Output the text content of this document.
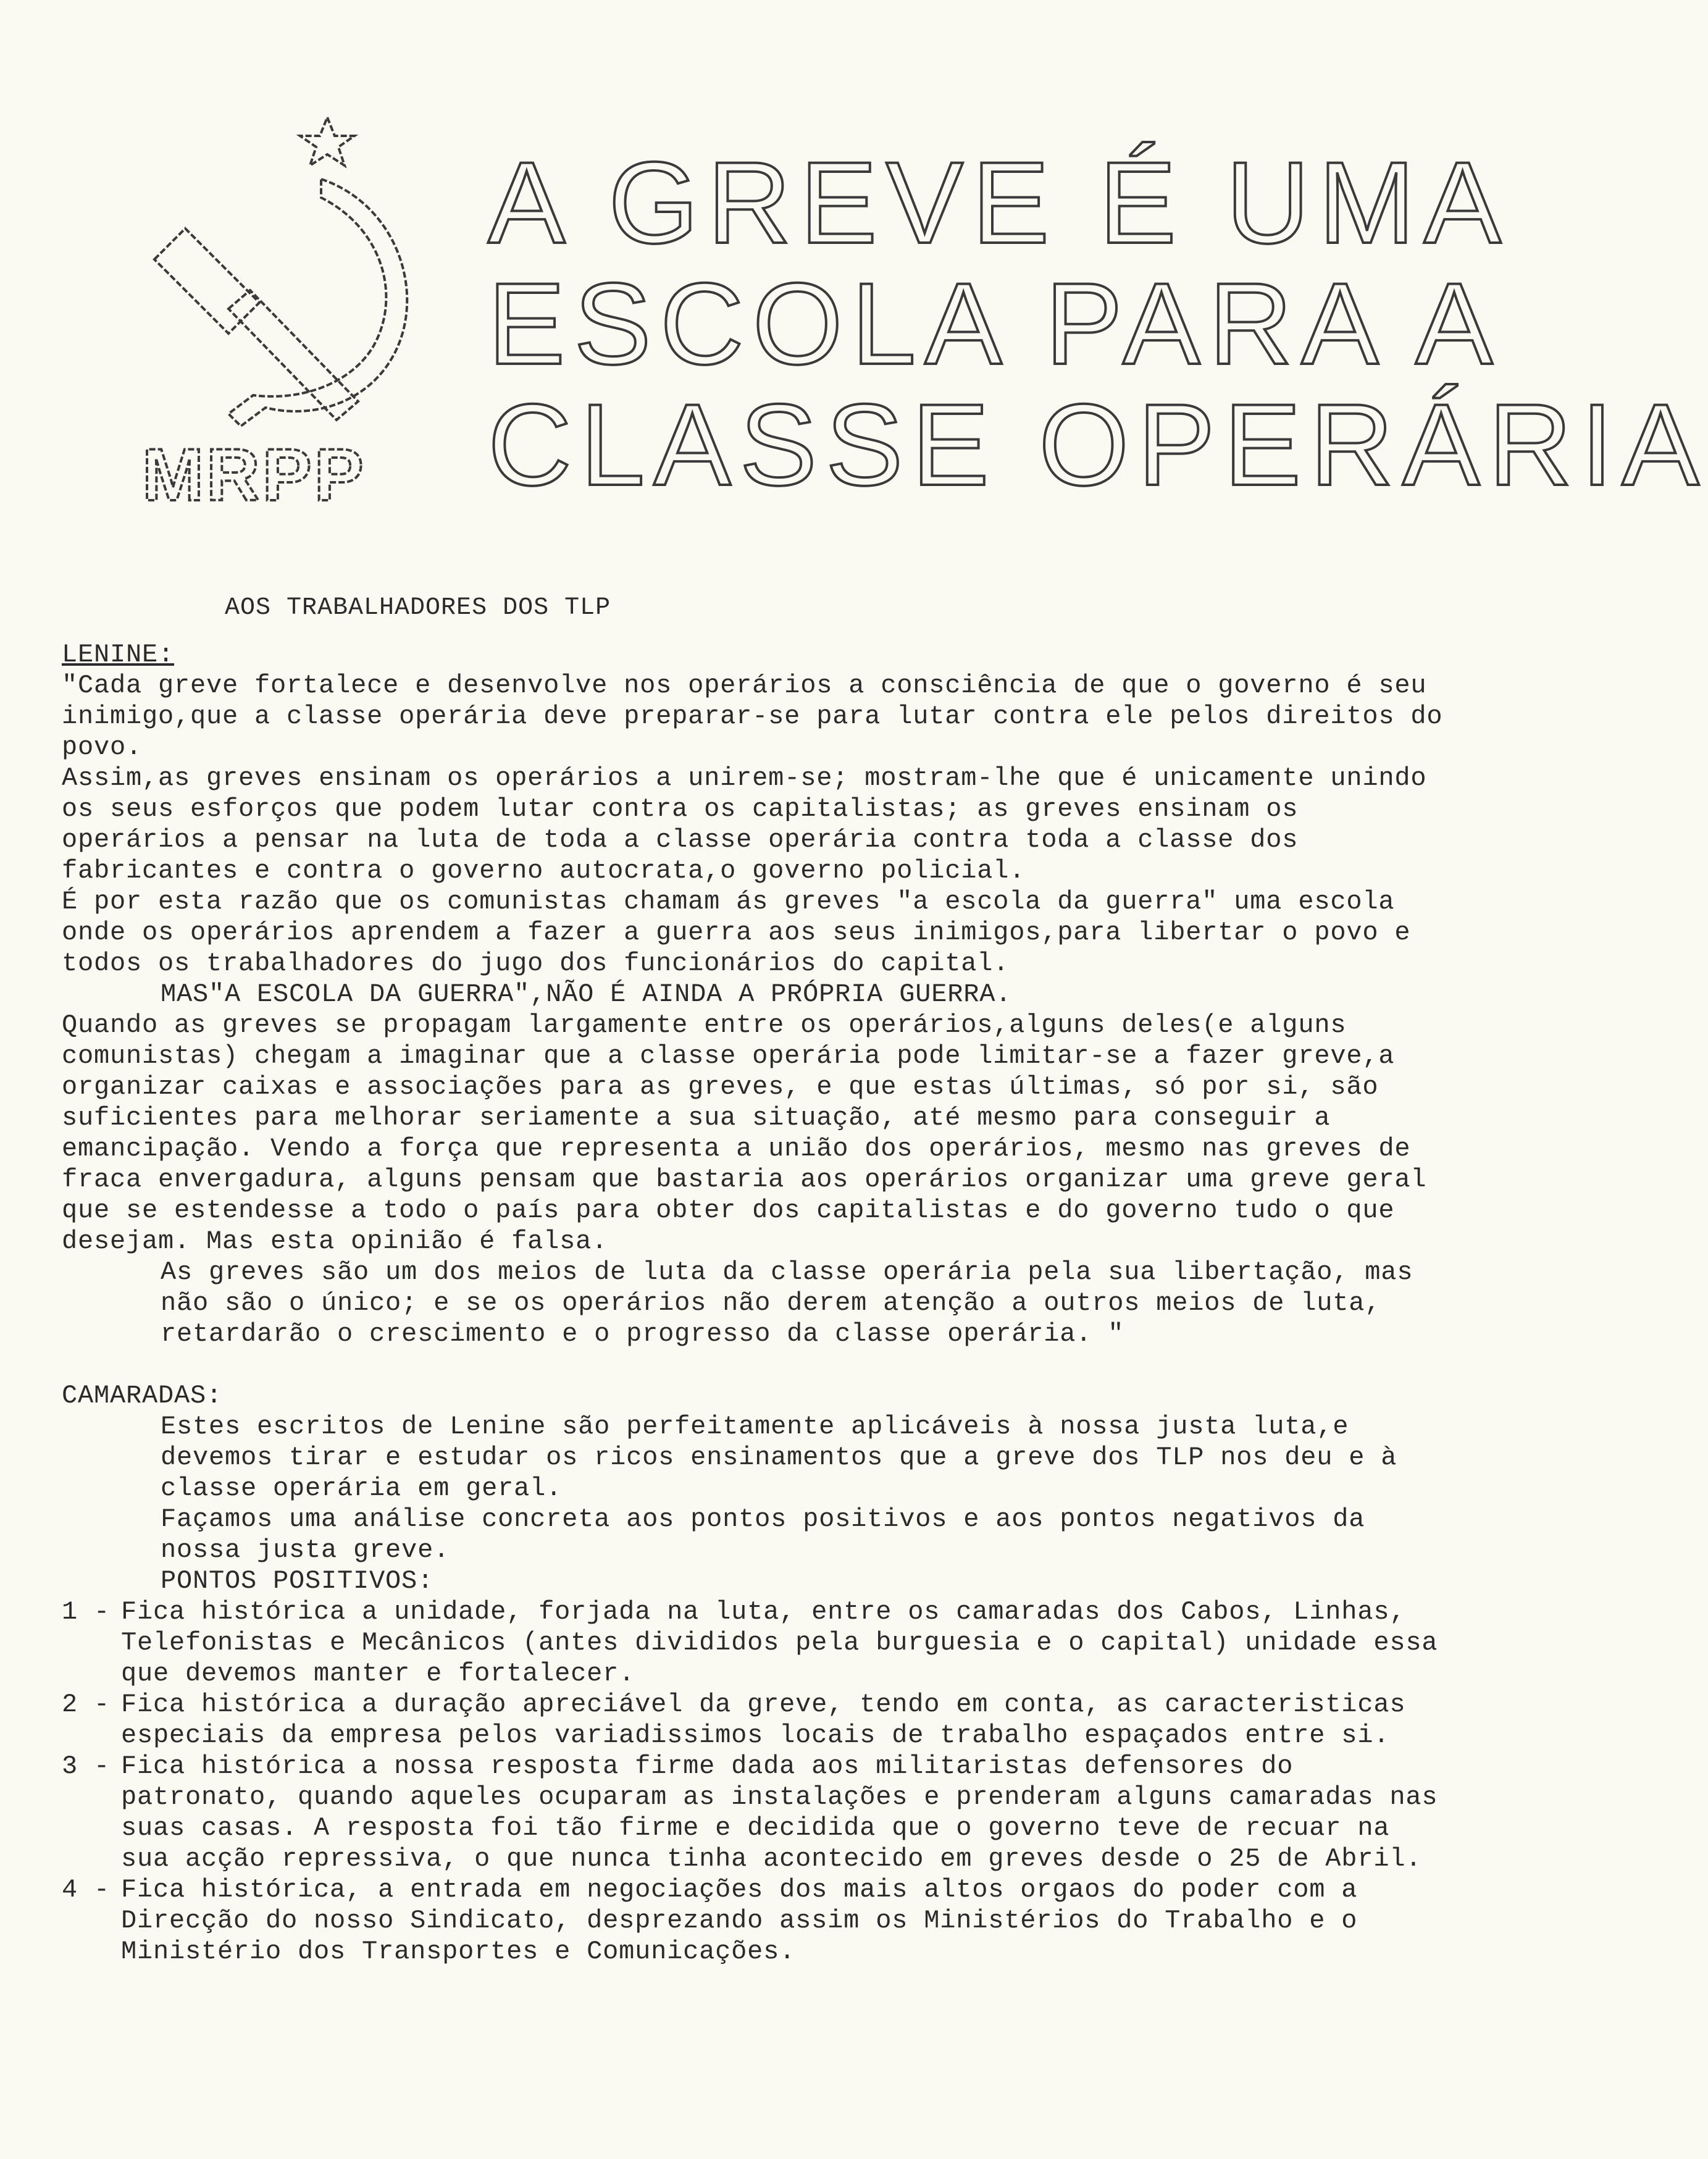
MRPP
A GREVE É UMA
ESCOLA PARA A
CLASSE OPERÁRIA
AOS TRABALHADORES DOS TLP

LENINE:

"Cada greve fortalece e desenvolve nos operários a consciência de que o governo é seu inimigo,que a classe operária deve preparar-se para lutar contra ele pelos direitos do povo.

Assim,as greves ensinam os operários a unirem-se; mostram-lhe que é unicamente unindo os seus esforços que podem lutar contra os capitalistas; as greves ensinam os operários a pensar na luta de toda a classe operária contra toda a classe dos fabricantes e contra o governo autocrata,o governo policial.

É por esta razão que os comunistas chamam ás greves "a escola da guerra" uma escola onde os operários aprendem a fazer a guerra aos seus inimigos,para libertar o povo e todos os trabalhadores do jugo dos funcionários do capital.

MAS"A ESCOLA DA GUERRA",NÃO É AINDA A PRÓPRIA GUERRA.

Quando as greves se propagam largamente entre os operários,alguns deles(e alguns comunistas) chegam a imaginar que a classe operária pode limitar-se a fazer greve,a organizar caixas e associações para as greves, e que estas últimas, só por si, são suficientes para melhorar seriamente a sua situação, até mesmo para conseguir a emancipação. Vendo a força que representa a união dos operários, mesmo nas greves de fraca envergadura, alguns pensam que bastaria aos operários organizar uma greve geral que se estendesse a todo o país para obter dos capitalistas e do governo tudo o que desejam. Mas esta opinião é falsa.

As greves são um dos meios de luta da classe operária pela sua libertação, mas não são o único; e se os operários não derem atenção a outros meios de luta, retardarão o crescimento e o progresso da classe operária. "

CAMARADAS:

Estes escritos de Lenine são perfeitamente aplicáveis à nossa justa luta,e devemos tirar e estudar os ricos ensinamentos que a greve dos TLP nos deu e à classe operária em geral.

Façamos uma análise concreta aos pontos positivos e aos pontos negativos da nossa justa greve.

PONTOS POSITIVOS:

1 - Fica histórica a unidade, forjada na luta, entre os camaradas dos Cabos, Linhas, Telefonistas e Mecânicos (antes divididos pela burguesia e o capital) unidade essa que devemos manter e fortalecer.

2 - Fica histórica a duração apreciável da greve, tendo em conta, as caracteristicas especiais da empresa pelos variadissimos locais de trabalho espaçados entre si.

3 - Fica histórica a nossa resposta firme dada aos militaristas defensores do patronato, quando aqueles ocuparam as instalações e prenderam alguns camaradas nas suas casas. A resposta foi tão firme e decidida que o governo teve de recuar na sua acção repressiva, o que nunca tinha acontecido em greves desde o 25 de Abril.

4 - Fica histórica, a entrada em negociações dos mais altos orgaos do poder com a Direcção do nosso Sindicato, desprezando assim os Ministérios do Trabalho e o Ministério dos Transportes e Comunicações.
